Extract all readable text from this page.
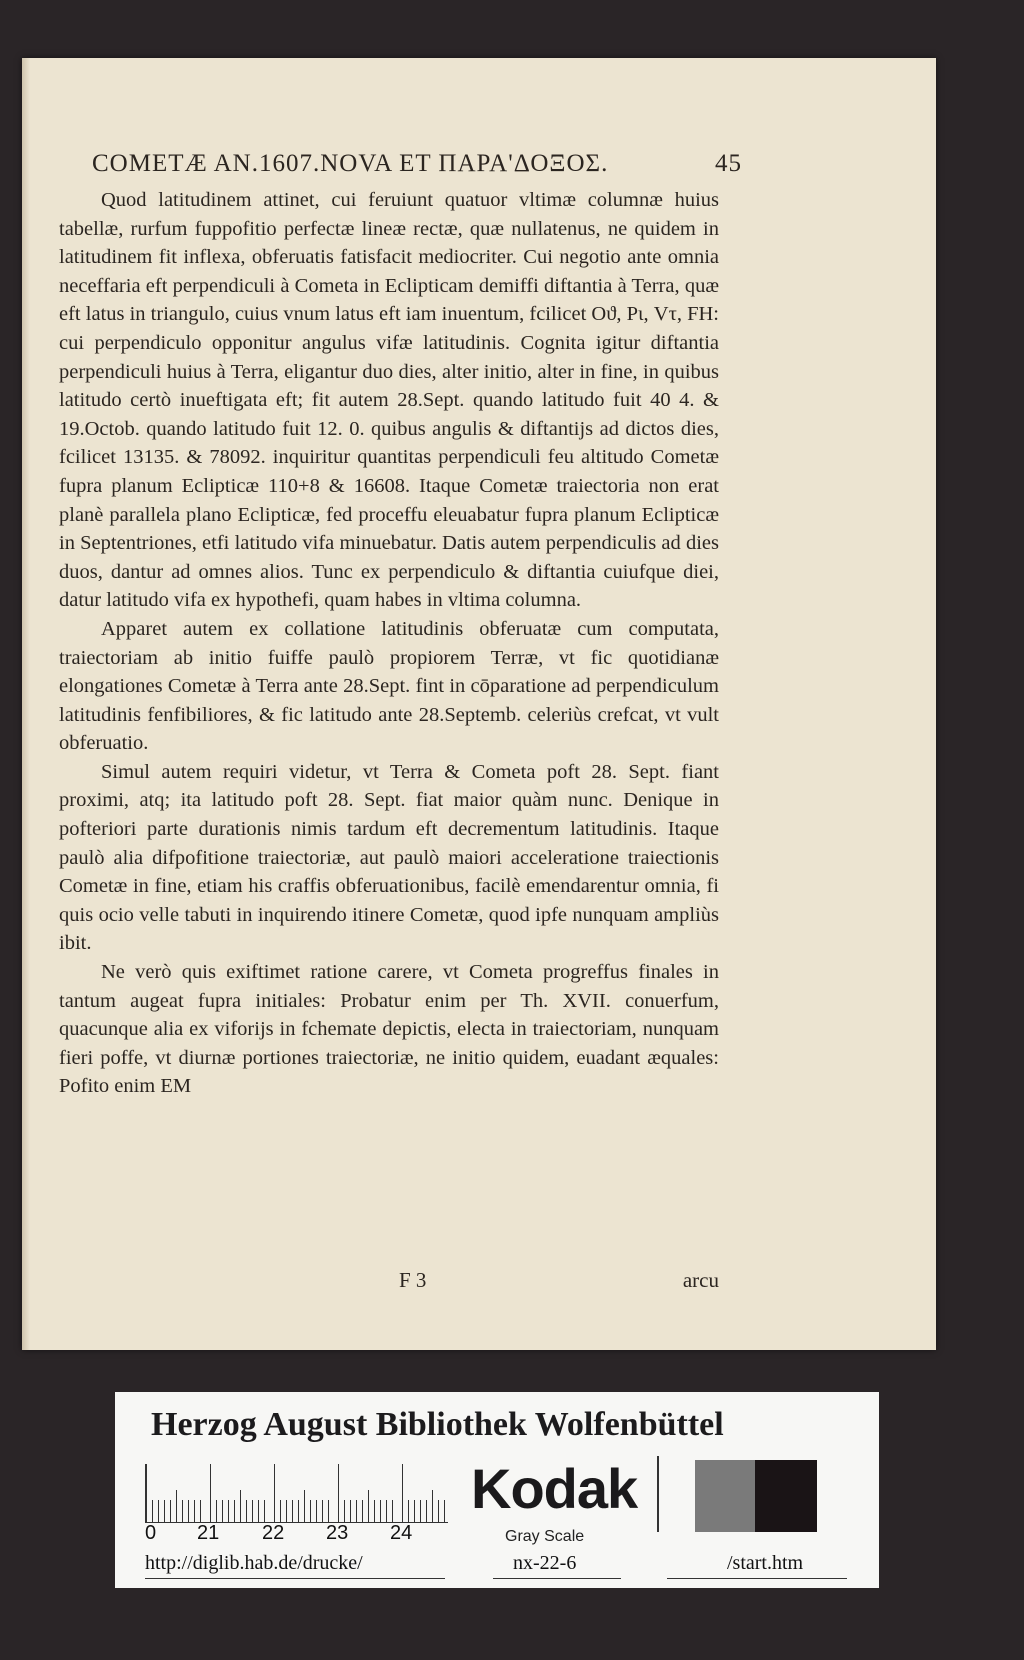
COMETÆ AN.1607.NOVA ET ΠΑΡΑ'ΔΟΞΟΣ.	45

Quod latitudinem attinet, cui feruiunt quatuor vltimæ columnæ huius tabellæ, rurfum fuppofitio perfectæ lineæ rectæ, quæ nullatenus, ne quidem in latitudinem fit inflexa, obferuatis fatisfacit mediocriter. Cui negotio ante omnia neceffaria eft perpendiculi à Cometa in Eclipticam demiffi diftantia à Terra, quæ eft latus in triangulo, cuius vnum latus eft iam inuentum, fcilicet Oϑ, Pι, Vτ, FH: cui perpendiculo opponitur angulus vifæ latitudinis. Cognita igitur diftantia perpendiculi huius à Terra, eligantur duo dies, alter initio, alter in fine, in quibus latitudo certò inueftigata eft; fit autem 28.Sept. quando latitudo fuit 40 4. & 19.Octob. quando latitudo fuit 12. 0. quibus angulis & diftantijs ad dictos dies, fcilicet 13135. & 78092. inquiritur quantitas perpendiculi feu altitudo Cometæ fupra planum Eclipticæ 110+8 & 16608. Itaque Cometæ traiectoria non erat planè parallela plano Eclipticæ, fed proceffu eleuabatur fupra planum Eclipticæ in Septentriones, etfi latitudo vifa minuebatur. Datis autem perpendiculis ad dies duos, dantur ad omnes alios. Tunc ex perpendiculo & diftantia cuiufque diei, datur latitudo vifa ex hypothefi, quam habes in vltima columna.

Apparet autem ex collatione latitudinis obferuatæ cum computata, traiectoriam ab initio fuiffe paulò propiorem Terræ, vt fic quotidianæ elongationes Cometæ à Terra ante 28.Sept. fint in cōparatione ad perpendiculum latitudinis fenfibiliores, & fic latitudo ante 28.Septemb. celeriùs crefcat, vt vult obferuatio.

Simul autem requiri videtur, vt Terra & Cometa poft 28. Sept. fiant proximi, atq; ita latitudo poft 28. Sept. fiat maior quàm nunc. Denique in pofteriori parte durationis nimis tardum eft decrementum latitudinis. Itaque paulò alia difpofitione traiectoriæ, aut paulò maiori acceleratione traiectionis Cometæ in fine, etiam his craffis obferuationibus, facilè emendarentur omnia, fi quis ocio velle tabuti in inquirendo itinere Cometæ, quod ipfe nunquam ampliùs ibit.

Ne verò quis exiftimet ratione carere, vt Cometa progreffus finales in tantum augeat fupra initiales: Probatur enim per Th. XVII. conuerfum, quacunque alia ex viforijs in fchemate depictis, electa in traiectoriam, nunquam fieri poffe, vt diurnæ portiones traiectoriæ, ne initio quidem, euadant æquales: Pofito enim EM

F 3	arcu
Herzog August Bibliothek Wolfenbüttel
0 21 22 23 24
Kodak
Gray Scale
http://diglib.hab.de/drucke/	nx-22-6	/start.htm
